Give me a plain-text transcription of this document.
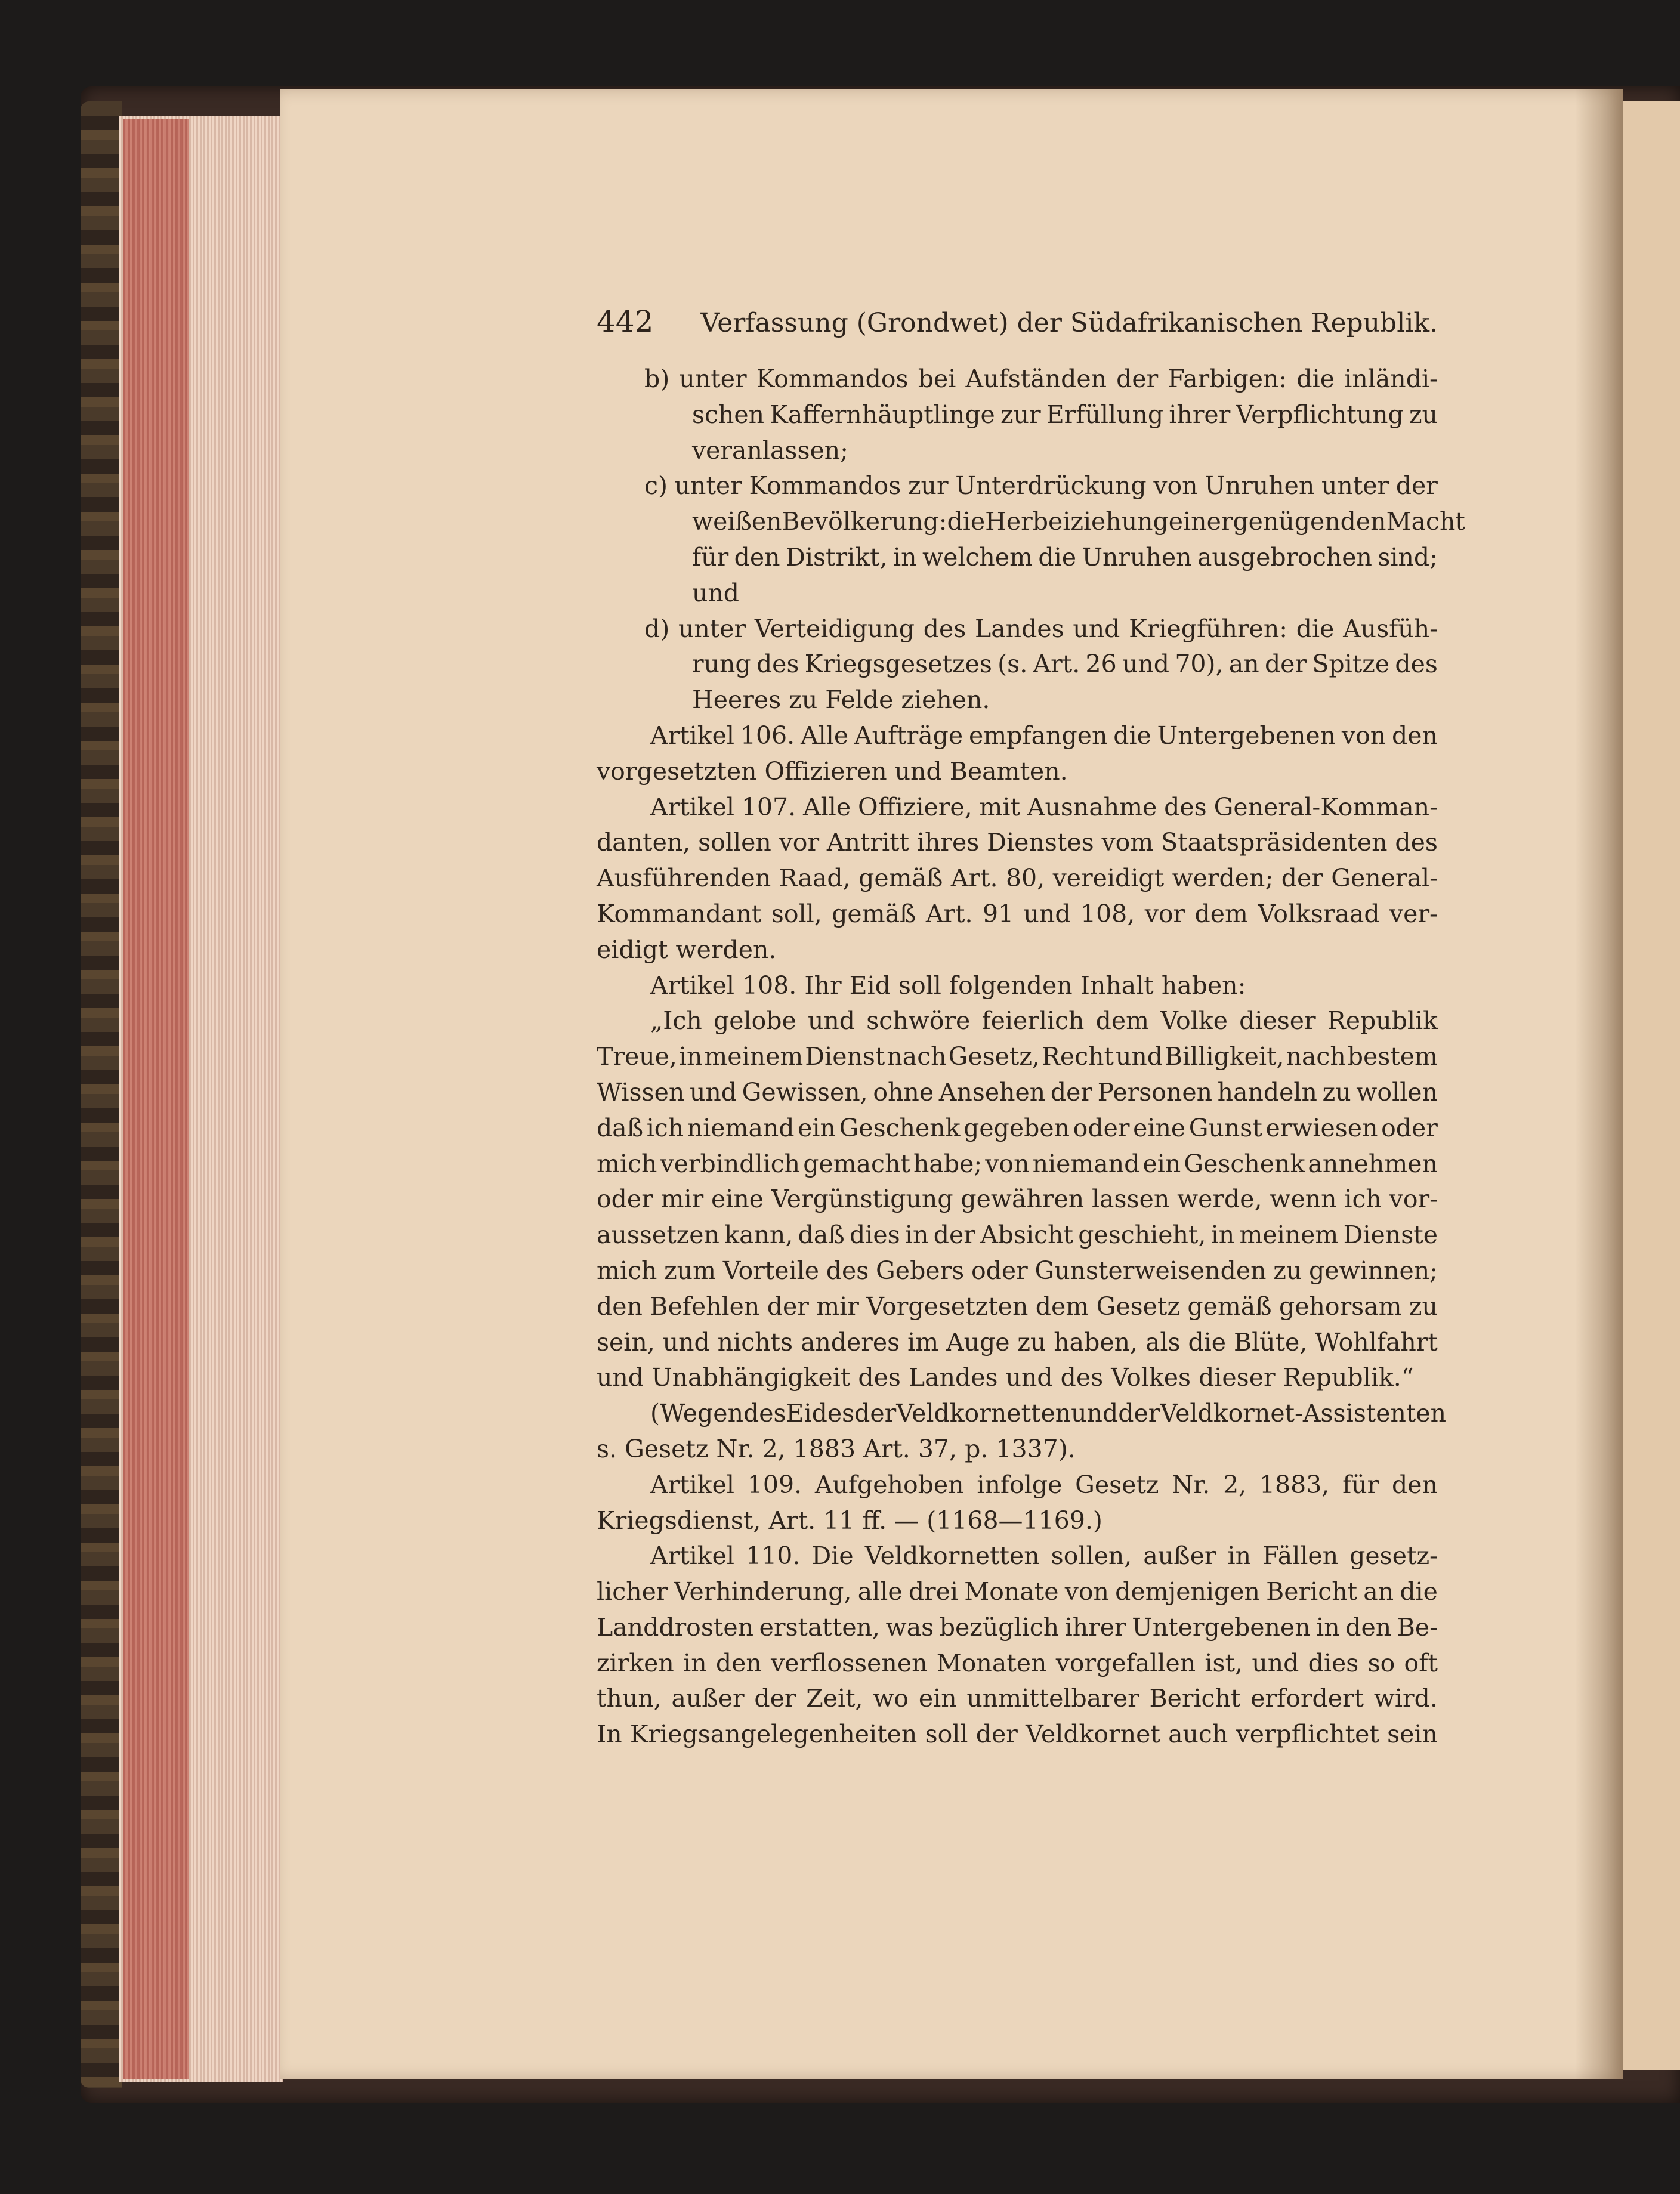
442 Verfassung (Grondwet) der Südafrikanischen Republik.
b) unter Kommandos bei Aufständen der Farbigen: die inländi-
schen Kaffernhäuptlinge zur Erfüllung ihrer Verpflichtung zu
veranlassen;
c) unter Kommandos zur Unterdrückung von Unruhen unter der
weißen Bevölkerung: die Herbeiziehung einer genügenden Macht
für den Distrikt, in welchem die Unruhen ausgebrochen sind;
und
d) unter Verteidigung des Landes und Kriegführen: die Ausfüh-
rung des Kriegsgesetzes (s. Art. 26 und 70), an der Spitze des
Heeres zu Felde ziehen.
Artikel 106. Alle Aufträge empfangen die Untergebenen von den
vorgesetzten Offizieren und Beamten.
Artikel 107. Alle Offiziere, mit Ausnahme des General-Komman-
danten, sollen vor Antritt ihres Dienstes vom Staatspräsidenten des
Ausführenden Raad, gemäß Art. 80, vereidigt werden; der General-
Kommandant soll, gemäß Art. 91 und 108, vor dem Volksraad ver-
eidigt werden.
Artikel 108. Ihr Eid soll folgenden Inhalt haben:
„Ich gelobe und schwöre feierlich dem Volke dieser Republik
Treue, in meinem Dienst nach Gesetz, Recht und Billigkeit, nach bestem
Wissen und Gewissen, ohne Ansehen der Personen handeln zu wollen
daß ich niemand ein Geschenk gegeben oder eine Gunst erwiesen oder
mich verbindlich gemacht habe; von niemand ein Geschenk annehmen
oder mir eine Vergünstigung gewähren lassen werde, wenn ich vor-
aussetzen kann, daß dies in der Absicht geschieht, in meinem Dienste
mich zum Vorteile des Gebers oder Gunsterweisenden zu gewinnen;
den Befehlen der mir Vorgesetzten dem Gesetz gemäß gehorsam zu
sein, und nichts anderes im Auge zu haben, als die Blüte, Wohlfahrt
und Unabhängigkeit des Landes und des Volkes dieser Republik.“
(Wegen des Eides der Veldkornetten und der Veldkornet-Assistenten
s. Gesetz Nr. 2, 1883 Art. 37, p. 1337).
Artikel 109. Aufgehoben infolge Gesetz Nr. 2, 1883, für den
Kriegsdienst, Art. 11 ff. — (1168—1169.)
Artikel 110. Die Veldkornetten sollen, außer in Fällen gesetz-
licher Verhinderung, alle drei Monate von demjenigen Bericht an die
Landdrosten erstatten, was bezüglich ihrer Untergebenen in den Be-
zirken in den verflossenen Monaten vorgefallen ist, und dies so oft
thun, außer der Zeit, wo ein unmittelbarer Bericht erfordert wird.
In Kriegsangelegenheiten soll der Veldkornet auch verpflichtet sein
